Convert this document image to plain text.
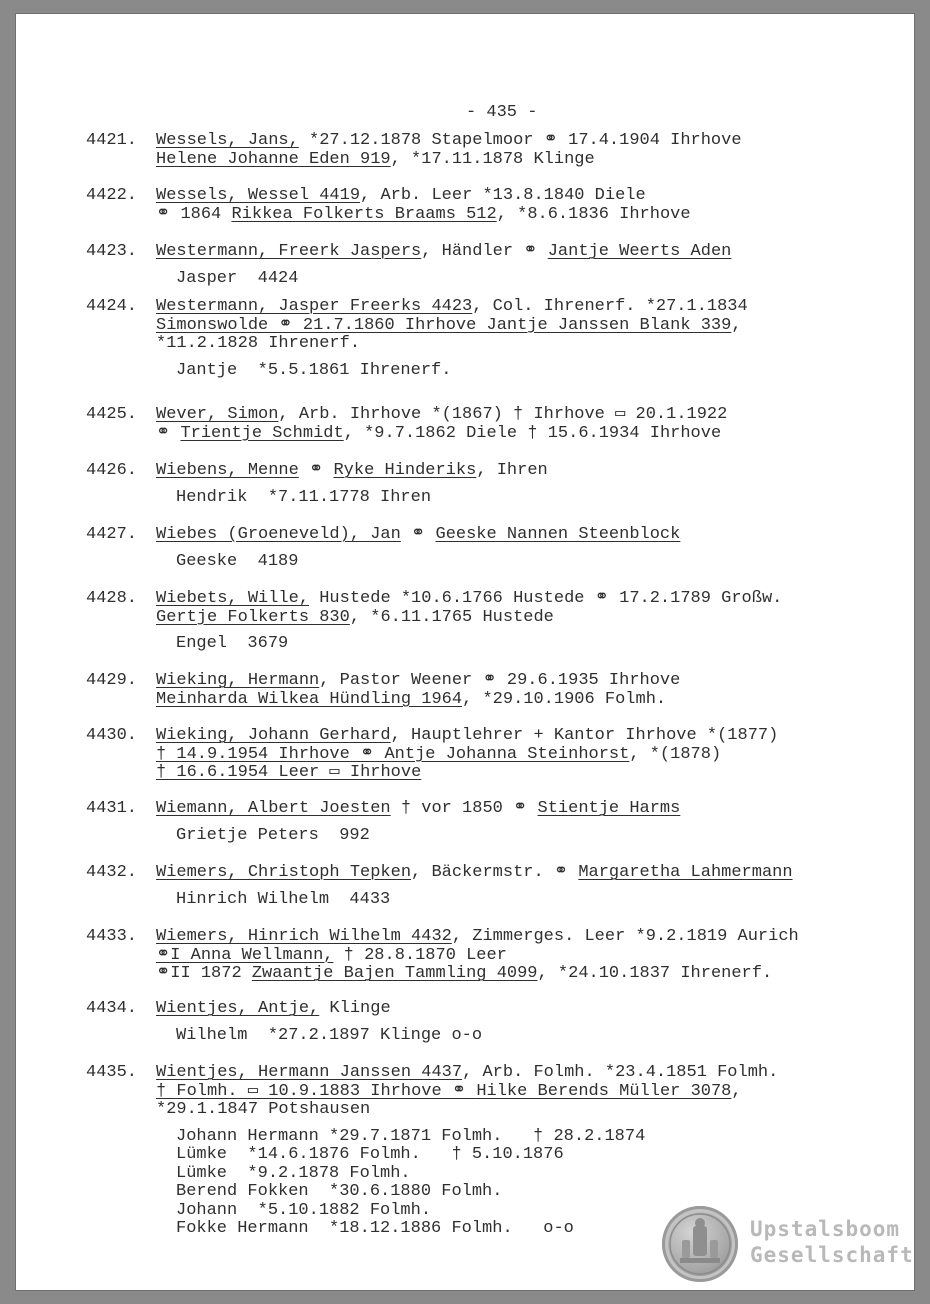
- 435 -
4421.	Wessels, Jans, *27.12.1878 Stapelmoor ⚭ 17.4.1904 Ihrhove
Helene Johanne Eden 919, *17.11.1878 Klinge
4422.	Wessels, Wessel 4419, Arb. Leer *13.8.1840 Diele
⚭ 1864 Rikkea Folkerts Braams 512, *8.6.1836 Ihrhove
4423.	Westermann, Freerk Jaspers, Händler ⚭ Jantje Weerts Aden
Jasper  4424
4424.	Westermann, Jasper Freerks 4423, Col. Ihrenerf. *27.1.1834
Simonswolde ⚭ 21.7.1860 Ihrhove Jantje Janssen Blank 339,
*11.2.1828 Ihrenerf.
Jantje  *5.5.1861 Ihrenerf.
4425.	Wever, Simon, Arb. Ihrhove *(1867) † Ihrhove ▭ 20.1.1922
⚭ Trientje Schmidt, *9.7.1862 Diele † 15.6.1934 Ihrhove
4426.	Wiebens, Menne ⚭ Ryke Hinderiks, Ihren
Hendrik  *7.11.1778 Ihren
4427.	Wiebes (Groeneveld), Jan ⚭ Geeske Nannen Steenblock
Geeske  4189
4428.	Wiebets, Wille, Hustede *10.6.1766 Hustede ⚭ 17.2.1789 Großw.
Gertje Folkerts 830, *6.11.1765 Hustede
Engel  3679
4429.	Wieking, Hermann, Pastor Weener ⚭ 29.6.1935 Ihrhove
Meinharda Wilkea Hündling 1964, *29.10.1906 Folmh.
4430.	Wieking, Johann Gerhard, Hauptlehrer + Kantor Ihrhove *(1877)
† 14.9.1954 Ihrhove ⚭ Antje Johanna Steinhorst, *(1878)
† 16.6.1954 Leer ▭ Ihrhove
4431.	Wiemann, Albert Joesten † vor 1850 ⚭ Stientje Harms
Grietje Peters  992
4432.	Wiemers, Christoph Tepken, Bäckermstr. ⚭ Margaretha Lahmermann
Hinrich Wilhelm  4433
4433.	Wiemers, Hinrich Wilhelm 4432, Zimmerges. Leer *9.2.1819 Aurich
⚭I Anna Wellmann, † 28.8.1870 Leer
⚭II 1872 Zwaantje Bajen Tammling 4099, *24.10.1837 Ihrenerf.
4434.	Wientjes, Antje, Klinge
Wilhelm  *27.2.1897 Klinge o-o
4435.	Wientjes, Hermann Janssen 4437, Arb. Folmh. *23.4.1851 Folmh.
† Folmh. ▭ 10.9.1883 Ihrhove ⚭ Hilke Berends Müller 3078,
*29.1.1847 Potshausen
Johann Hermann *29.7.1871 Folmh.   † 28.2.1874
Lümke  *14.6.1876 Folmh.   † 5.10.1876
Lümke  *9.2.1878 Folmh.
Berend Fokken  *30.6.1880 Folmh.
Johann  *5.10.1882 Folmh.
Fokke Hermann  *18.12.1886 Folmh.   o-o	Upstalsboom
Gesellschaft
